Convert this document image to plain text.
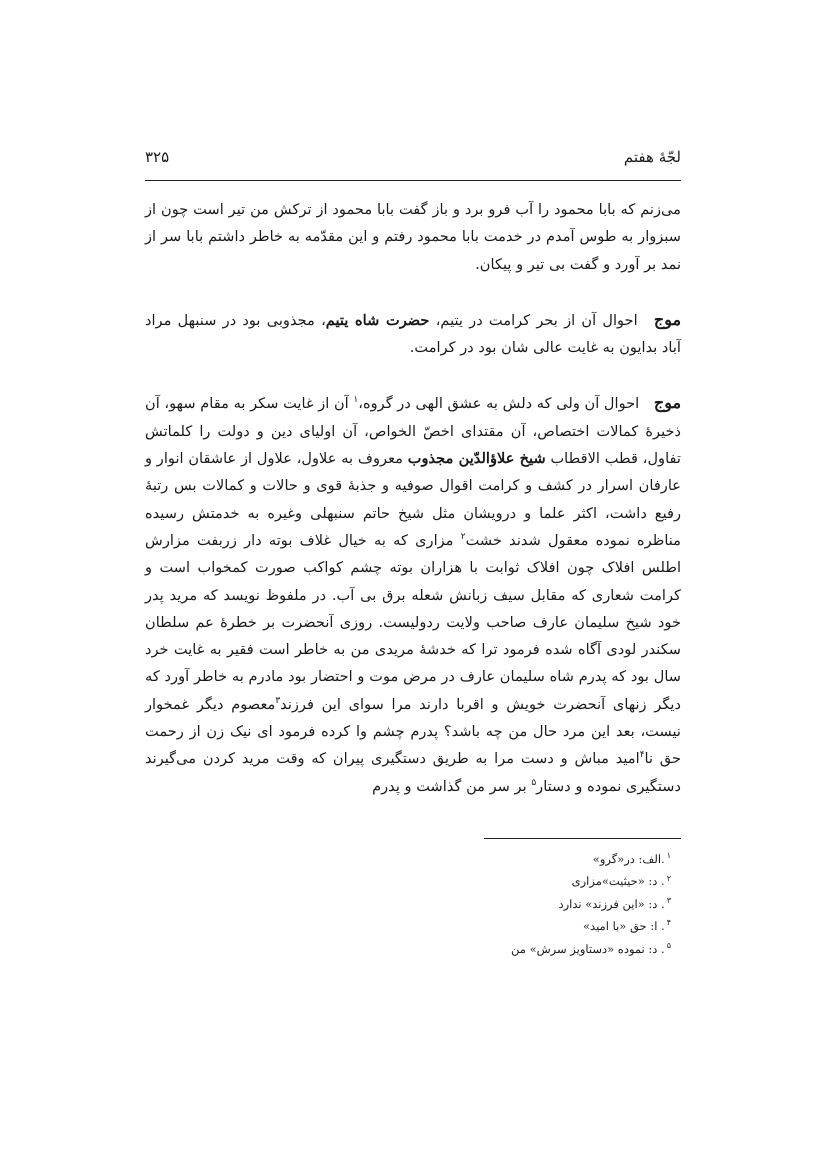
لجّهٔ هفتم
۳۲۵

می‌زنم که بابا محمود را آب فرو برد و باز گفت بابا محمود از ترکش من تیر است چون از سبزوار به طوس آمدم در خدمت بابا محمود رفتم و این مقدّمه به خاطر داشتم بابا سر از نمد بر آورد و گفت بی تیر و پیکان.

موج احوال آن از بحر کرامت در یتیم، حضرت شاه یتیم، مجذوبی بود در سنبهل مراد آباد بدایون به غایت عالی شان بود در کرامت.

موج احوال آن ولی که دلش به عشق الهی در گروه،$^۱$ آن از غایت سکر به مقام سهو، آن ذخیرهٔ کمالات اختصاص، آن مقتدای اخصّ الخواص، آن اولیای دین و دولت را کلماتش تفاول، قطب الاقطاب شیخ علاؤالدّین مجذوب معروف به علاول، علاول از عاشقان انوار و عارفان اسرار در کشف و کرامت اقوال صوفیه و جذبهٔ قوی و حالات و کمالات بس رتبهٔ رفیع داشت، اکثر علما و درویشان مثل شیخ حاتم سنبهلی وغیره به خدمتش رسیده مناظره نموده معقول شدند خشت$^۲$ مزاری که به خیال غلاف بوته دار زربفت مزارش اطلس افلاک چون افلاک ثوابت با هزاران بوته چشم کواکب صورت کمخواب است و کرامت شعاری که مقابل سیف زبانش شعله برق بی آب. در ملفوظ نویسد که مرید پدر خود شیخ سلیمان عارف صاحب ولایت ردولیست. روزی آنحضرت بر خطرهٔ عم سلطان سکندر لودی آگاه شده فرمود ترا که خدشهٔ مریدی من به خاطر است فقیر به غایت خرد سال بود که پدرم شاه سلیمان عارف در مرض موت و احتضار بود مادرم به خاطر آورد که دیگر زنهای آنحضرت خویش و اقربا دارند مرا سوای این فرزند$^۳$معصوم دیگر غمخوار نیست، بعد این مرد حال من چه باشد؟ پدرم چشم وا کرده فرمود ای نیک زن از رحمت حق نا$^۴$امید مباش و دست مرا به طریق دستگیری پیران که وقت مرید کردن می‌گیرند دستگیری نموده و دستار$^۵$ بر سر من گذاشت و پدرم

$^۱$.الف: در«گرو»
$^۲$. د: «حیثیت»مزاری
$^۳$. د: «این فرزند» ندارد
$^۴$. ا: حق «با امید»
$^۵$. د: نموده «دستاویز سرش» من
